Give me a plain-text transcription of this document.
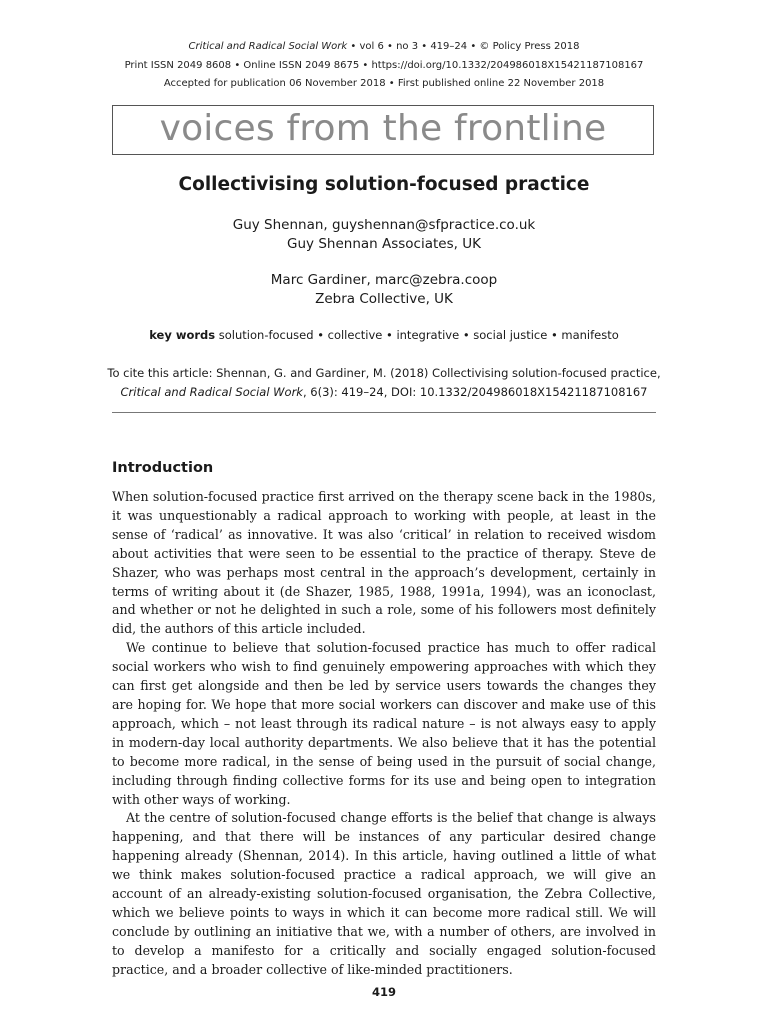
Critical and Radical Social Work • vol 6 • no 3 • 419–24 • © Policy Press 2018
Print ISSN 2049 8608 • Online ISSN 2049 8675 • https://doi.org/10.1332/204986018X15421187108167
Accepted for publication 06 November 2018 • First published online 22 November 2018
voices from the frontline
Collectivising solution-focused practice
Guy Shennan, guyshennan@sfpractice.co.uk
Guy Shennan Associates, UK
Marc Gardiner, marc@zebra.coop
Zebra Collective, UK
key words solution-focused • collective • integrative • social justice • manifesto
To cite this article: Shennan, G. and Gardiner, M. (2018) Collectivising solution-focused practice,
Critical and Radical Social Work, 6(3): 419–24, DOI: 10.1332/204986018X15421187108167
Introduction

When solution-focused practice first arrived on the therapy scene back in the 1980s, it was unquestionably a radical approach to working with people, at least in the sense of ‘radical’ as innovative. It was also ‘critical’ in relation to received wisdom about activities that were seen to be essential to the practice of therapy. Steve de Shazer, who was perhaps most central in the approach’s development, certainly in terms of writing about it (de Shazer, 1985, 1988, 1991a, 1994), was an iconoclast, and whether or not he delighted in such a role, some of his followers most definitely did, the authors of this article included.

We continue to believe that solution-focused practice has much to offer radical social workers who wish to find genuinely empowering approaches with which they can first get alongside and then be led by service users towards the changes they are hoping for. We hope that more social workers can discover and make use of this approach, which – not least through its radical nature – is not always easy to apply in modern-day local authority departments. We also believe that it has the potential to become more radical, in the sense of being used in the pursuit of social change, including through finding collective forms for its use and being open to integration with other ways of working.

At the centre of solution-focused change efforts is the belief that change is always happening, and that there will be instances of any particular desired change happening already (Shennan, 2014). In this article, having outlined a little of what we think makes solution-focused practice a radical approach, we will give an account of an already-existing solution-focused organisation, the Zebra Collective, which we believe points to ways in which it can become more radical still. We will conclude by outlining an initiative that we, with a number of others, are involved in to develop a manifesto for a critically and socially engaged solution-focused practice, and a broader collective of like-minded practitioners.

419
